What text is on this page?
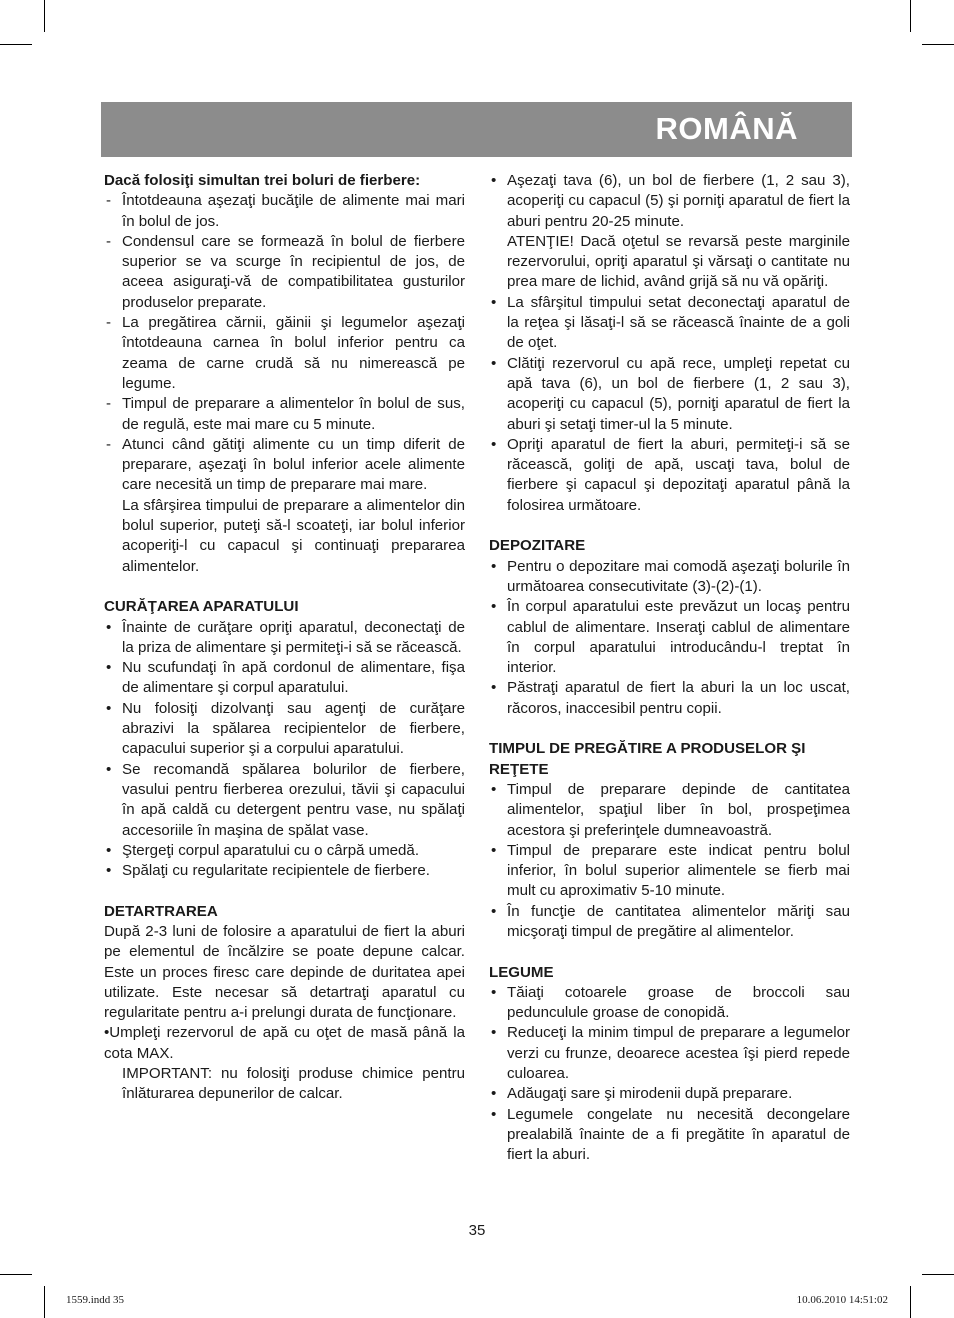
ROMÂNĂ
Dacă folosiţi simultan trei boluri de fierbere:
- Întotdeauna aşezaţi bucăţile de alimente mai mari în bolul de jos.
- Condensul care se formează în bolul de fierbere superior se va scurge în recipientul de jos, de aceea asiguraţi-vă de compatibilitatea gusturilor produselor preparate.
- La pregătirea cărnii, găinii şi legumelor aşezaţi întotdeauna carnea în bolul inferior pentru ca zeama de carne crudă să nu nimerească pe legume.
- Timpul de preparare a alimentelor în bolul de sus, de regulă, este mai mare cu 5 minute.
- Atunci când gătiţi alimente cu un timp diferit de preparare, aşezaţi în bolul inferior acele alimente care necesită un timp de preparare mai mare.
La sfârşirea timpului de preparare a alimentelor din bolul superior, puteţi să-l scoateţi, iar bolul inferior acoperiţi-l cu capacul şi continuaţi prepararea alimentelor.
CURĂŢAREA APARATULUI
• Înainte de curăţare opriţi aparatul, deconectaţi de la priza de alimentare şi permiteţi-i să se răcească.
• Nu scufundaţi în apă cordonul de alimentare, fişa de alimentare şi corpul aparatului.
• Nu folosiţi dizolvanţi sau agenţi de curăţare abrazivi la spălarea recipientelor de fierbere, capacului superior şi a corpului aparatului.
• Se recomandă spălarea bolurilor de fierbere, vasului pentru fierberea orezului, tăvii şi capacului în apă caldă cu detergent pentru vase, nu spălaţi accesoriile în maşina de spălat vase.
• Ştergeţi corpul aparatului cu o cârpă umedă.
• Spălaţi cu regularitate recipientele de fierbere.
DETARTRAREA
După 2-3 luni de folosire a aparatului de fiert la aburi pe elementul de încălzire se poate depune calcar. Este un proces firesc care depinde de duritatea apei utilizate. Este necesar să detartraţi aparatul cu regularitate pentru a-i prelungi durata de funcţionare.
•Umpleţi rezervorul de apă cu oţet de masă până la cota MAX.
IMPORTANT: nu folosiţi produse chimice pentru înlăturarea depunerilor de calcar.
• Aşezaţi tava (6), un bol de fierbere (1, 2 sau 3), acoperiţi cu capacul (5) şi porniţi aparatul de fiert la aburi pentru 20-25 minute.
ATENŢIE! Dacă oţetul se revarsă peste marginile rezervorului, opriţi aparatul şi vărsaţi o cantitate nu prea mare de lichid, având grijă să nu vă opăriţi.
• La sfârşitul timpului setat deconectaţi aparatul de la reţea şi lăsaţi-l să se răcească înainte de a goli de oţet.
• Clătiţi rezervorul cu apă rece, umpleţi repetat cu apă tava (6), un bol de fierbere (1, 2 sau 3), acoperiţi cu capacul (5), porniţi aparatul de fiert la aburi şi setaţi timer-ul la 5 minute.
• Opriţi aparatul de fiert la aburi, permiteţi-i să se răcească, goliţi de apă, uscaţi tava, bolul de fierbere şi capacul şi depozitaţi aparatul până la folosirea următoare.
DEPOZITARE
• Pentru o depozitare mai comodă aşezaţi bolurile în următoarea consecutivitate (3)-(2)-(1).
• În corpul aparatului este prevăzut un locaş pentru cablul de alimentare. Inseraţi cablul de alimentare în corpul aparatului introducându-l treptat în interior.
• Păstraţi aparatul de fiert la aburi la un loc uscat, răcoros, inaccesibil pentru copii.
TIMPUL DE PREGĂTIRE A PRODUSELOR ŞI REŢETE
• Timpul de preparare depinde de cantitatea alimentelor, spaţiul liber în bol, prospeţimea acestora şi preferinţele dumneavoastră.
• Timpul de preparare este indicat pentru bolul inferior, în bolul superior alimentele se fierb mai mult cu aproximativ 5-10 minute.
• În funcţie de cantitatea alimentelor măriţi sau micşoraţi timpul de pregătire al alimentelor.
LEGUME
• Tăiaţi cotoarele groase de broccoli sau pedunculule groase de conopidă.
• Reduceţi la minim timpul de preparare a legumelor verzi cu frunze, deoarece acestea îşi pierd repede culoarea.
• Adăugaţi sare şi mirodenii după preparare.
• Legumele congelate nu necesită decongelare prealabilă înainte de a fi pregătite în aparatul de fiert la aburi.
35
1559.indd 35	10.06.2010 14:51:02
